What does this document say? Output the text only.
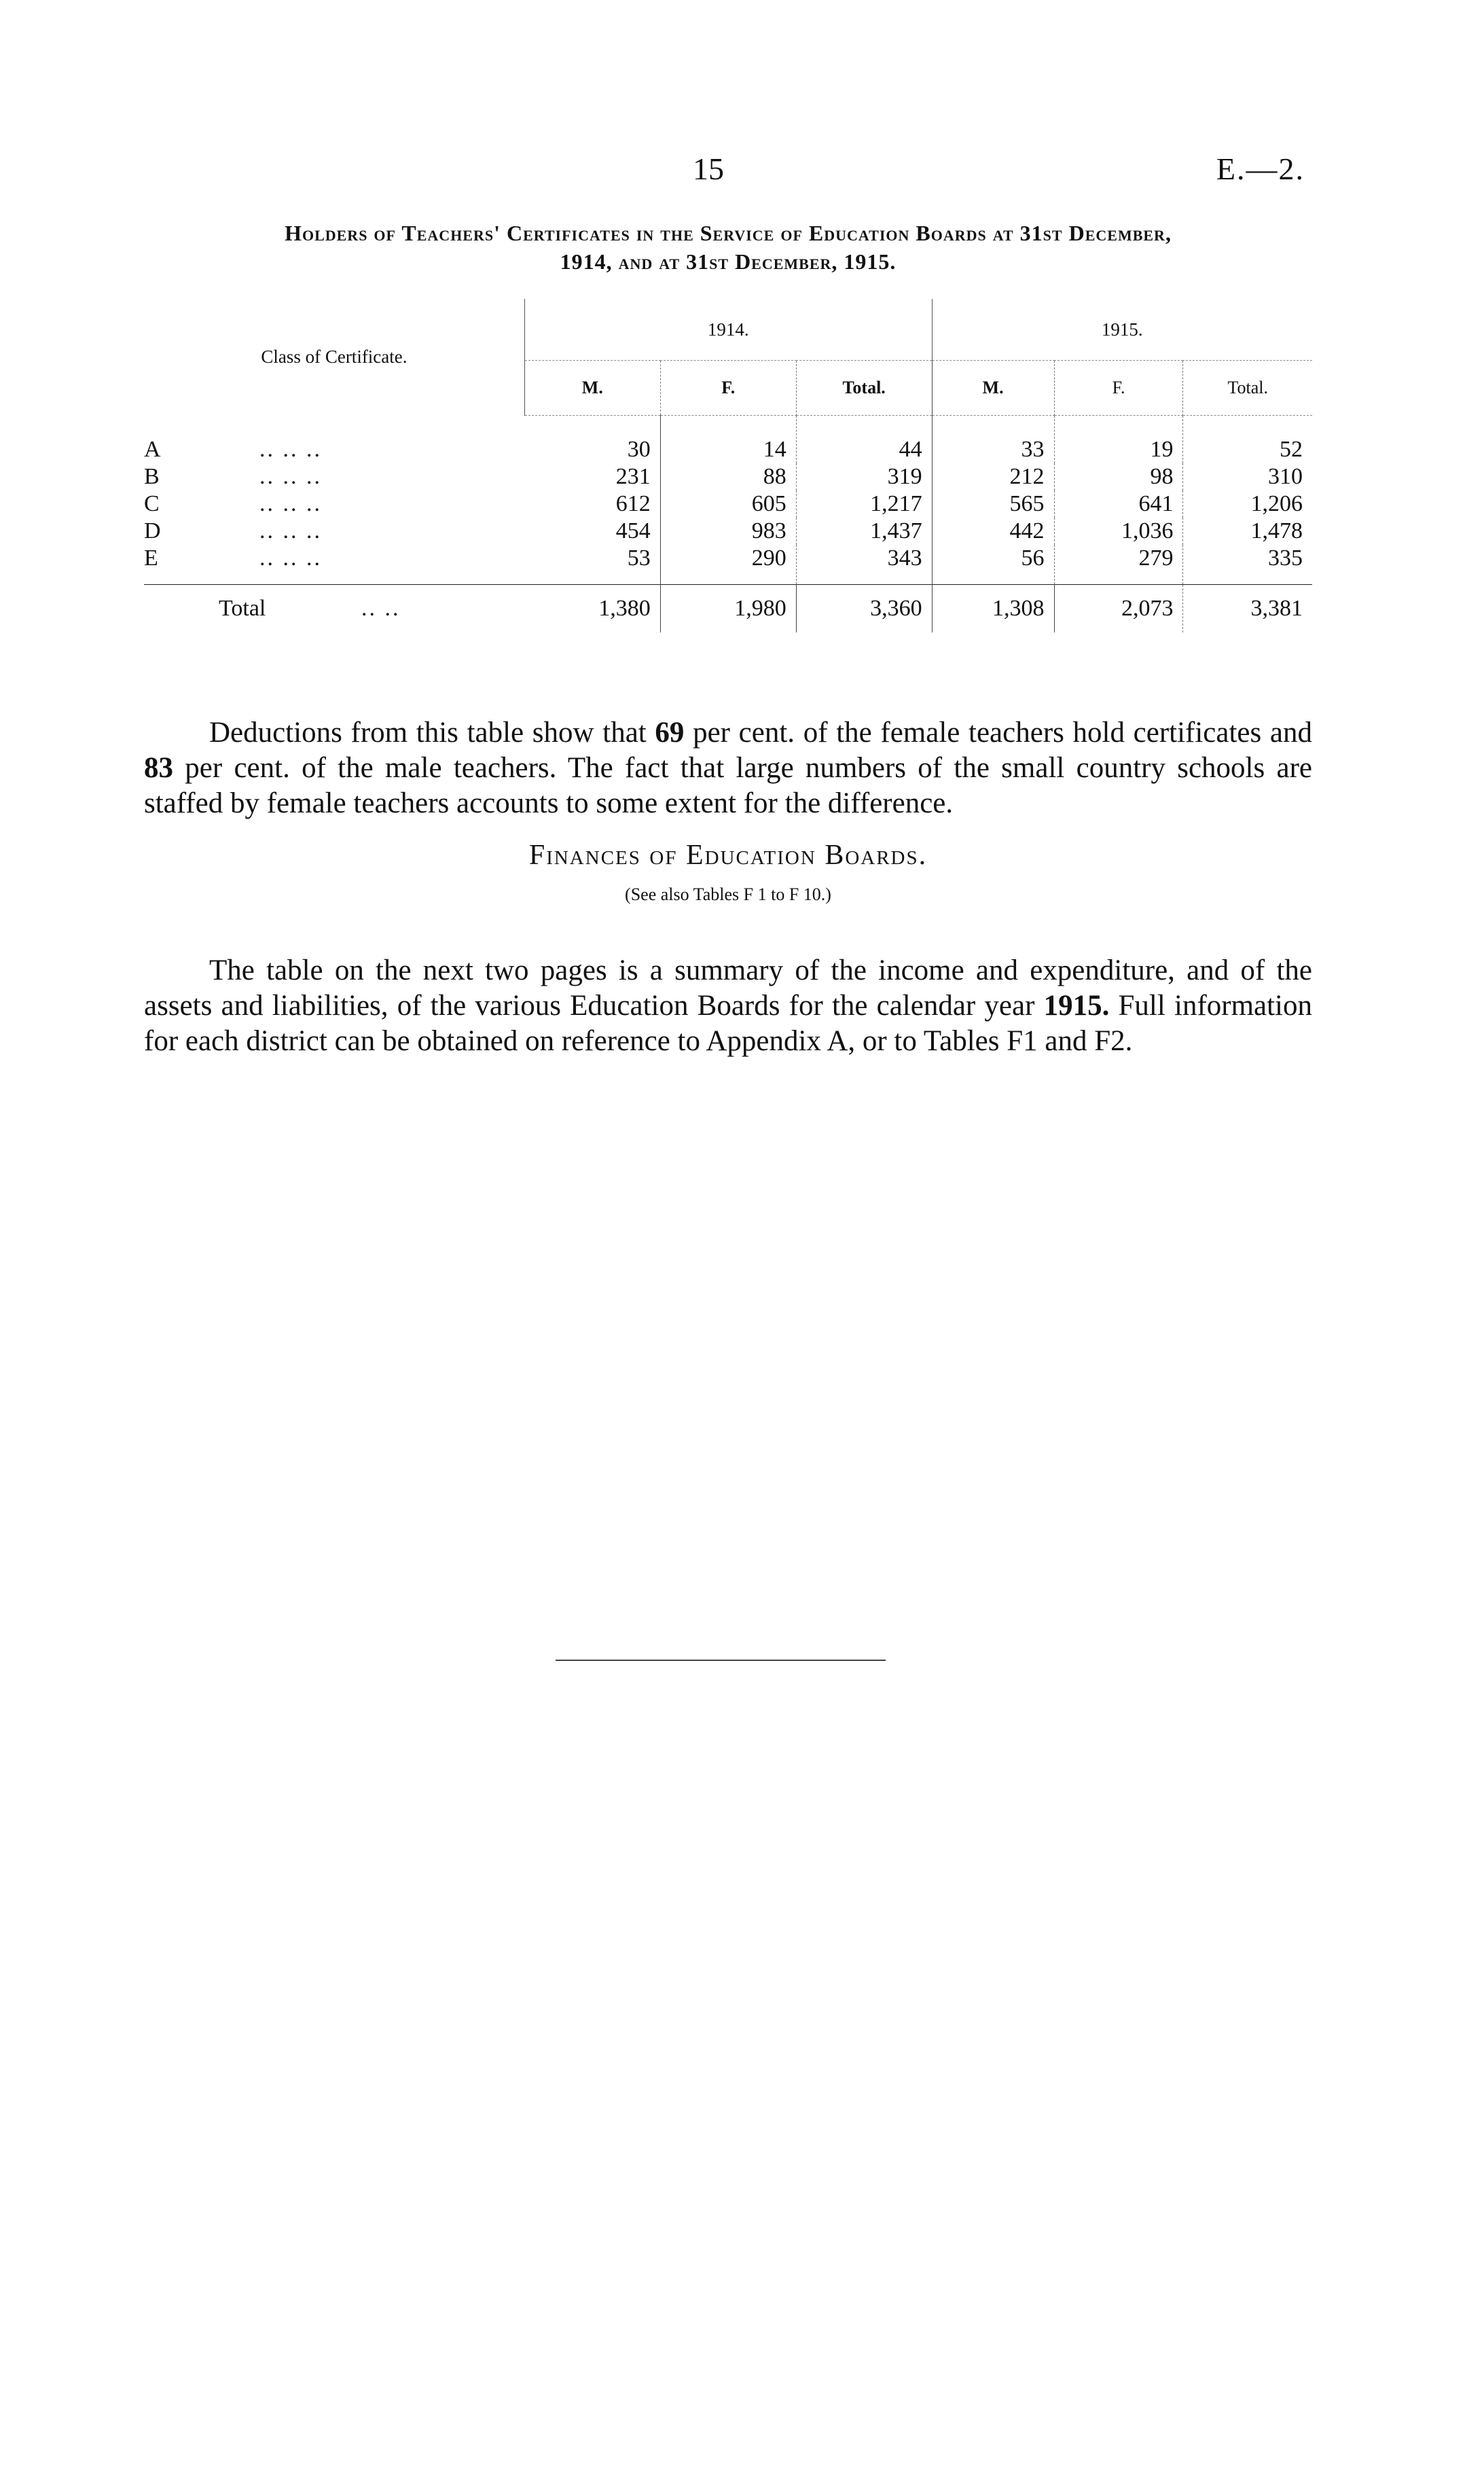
15	E.—2.
Holders of Teachers' Certificates in the Service of Education Boards at 31st December,
1914, and at 31st December, 1915.
Class of Certificate.	1914.			1915.		
	M.	F.	Total.	M.	F.	Total.
A .. .. ..	30	14	44	33	19	52
B .. .. ..	231	88	319	212	98	310
C .. .. ..	612	605	1,217	565	641	1,206
D .. .. ..	454	983	1,437	442	1,036	1,478
E .. .. ..	53	290	343	56	279	335
Total .. ..	1,380	1,980	3,360	1,308	2,073	3,381

Deductions from this table show that 69 per cent. of the female teachers hold certificates and 83 per cent. of the male teachers. The fact that large numbers of the small country schools are staffed by female teachers accounts to some extent for the difference.

Finances of Education Boards.
(See also Tables F 1 to F 10.)

The table on the next two pages is a summary of the income and expenditure, and of the assets and liabilities, of the various Education Boards for the calendar year 1915. Full information for each district can be obtained on reference to Appendix A, or to Tables F1 and F2.
